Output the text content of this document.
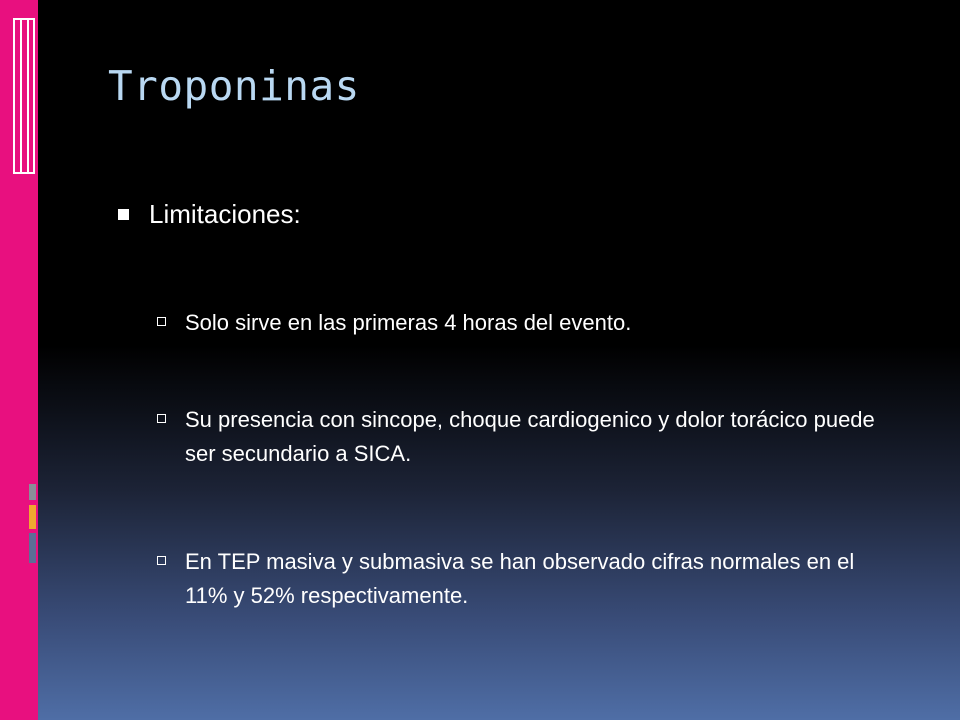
Troponinas
Limitaciones:
Solo sirve en las primeras 4 horas del evento.
Su presencia con sincope, choque cardiogenico y dolor torácico puede ser secundario a SICA.
En TEP masiva y submasiva se han observado cifras normales en el 11% y 52% respectivamente.
